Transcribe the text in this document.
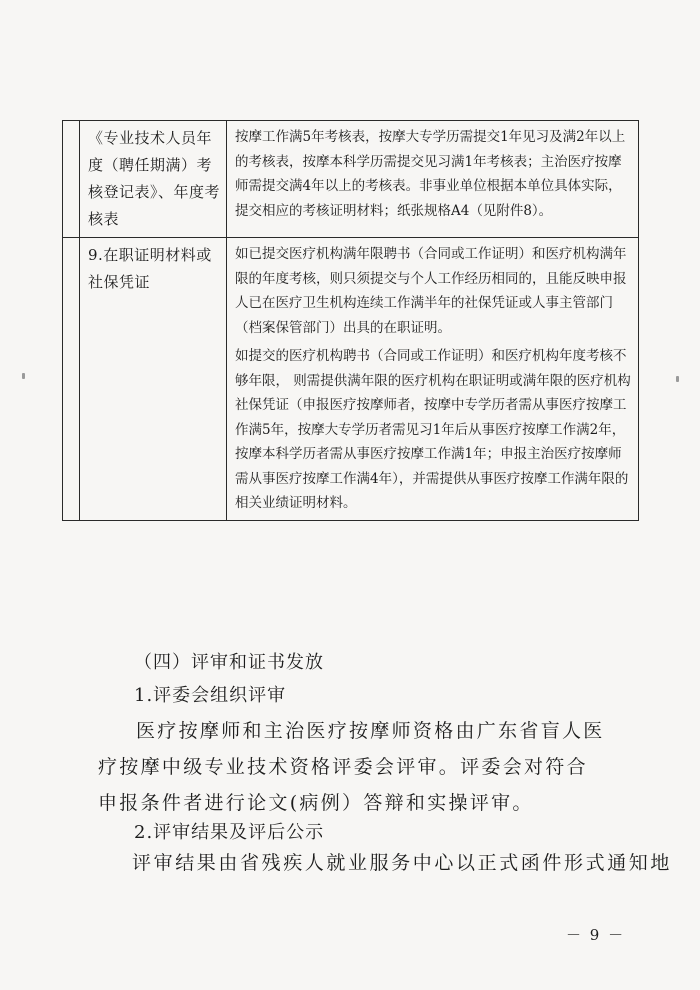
	《专业技术人员年度（聘任期满）考核登记表》、年度考核表	按摩工作满5年考核表，按摩大专学历需提交1年见习及满2年以上的考核表，按摩本科学历需提交见习满1年考核表；主治医疗按摩师需提交满4年以上的考核表。非事业单位根据本单位具体实际，提交相应的考核证明材料；纸张规格A4（见附件8）。

	9.在职证明材料或社保凭证	如已提交医疗机构满年限聘书（合同或工作证明）和医疗机构满年限的年度考核，则只须提交与个人工作经历相同的，且能反映申报人已在医疗卫生机构连续工作满半年的社保凭证或人事主管部门（档案保管部门）出具的在职证明。

如提交的医疗机构聘书（合同或工作证明）和医疗机构年度考核不够年限， 则需提供满年限的医疗机构在职证明或满年限的医疗机构社保凭证（申报医疗按摩师者，按摩中专学历者需从事医疗按摩工作满5年，按摩大专学历者需见习1年后从事医疗按摩工作满2年，按摩本科学历者需从事医疗按摩工作满1年；申报主治医疗按摩师需从事医疗按摩工作满4年），并需提供从事医疗按摩工作满年限的相关业绩证明材料。

（四）评审和证书发放

1.评委会组织评审

医疗按摩师和主治医疗按摩师资格由广东省盲人医疗按摩中级专业技术资格评委会评审。评委会对符合申报条件者进行论文(病例）答辩和实操评审。

2.评审结果及评后公示

评审结果由省残疾人就业服务中心以正式函件形式通知地

－ 9 －
